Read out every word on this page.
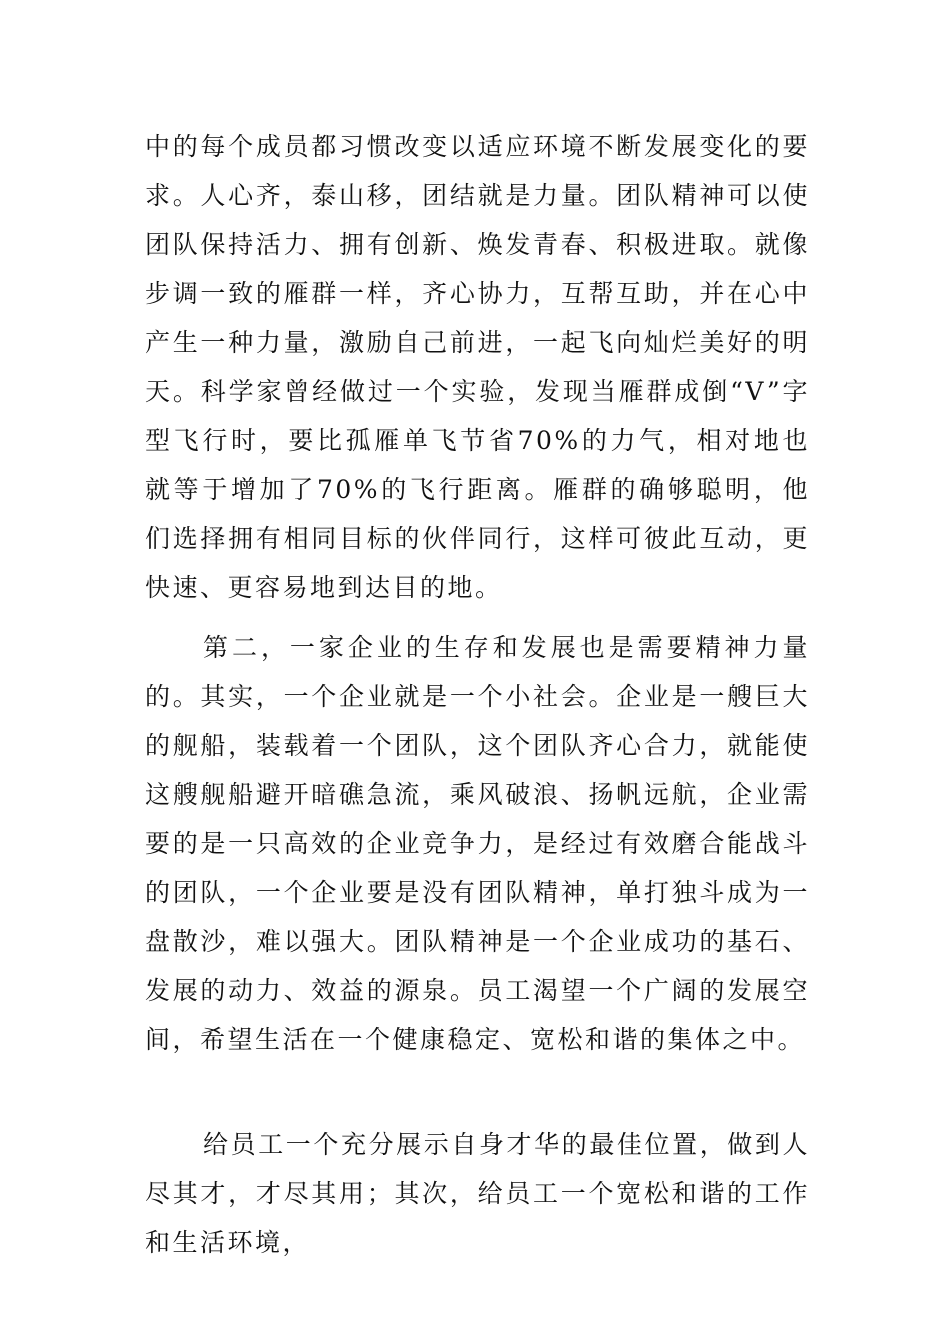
中的每个成员都习惯改变以适应环境不断发展变化的要求。人心齐，泰山移，团结就是力量。团队精神可以使团队保持活力、拥有创新、焕发青春、积极进取。就像步调一致的雁群一样，齐心协力，互帮互助，并在心中产生一种力量，激励自己前进，一起飞向灿烂美好的明天。科学家曾经做过一个实验，发现当雁群成倒“V”字型飞行时，要比孤雁单飞节省70%的力气，相对地也就等于增加了70%的飞行距离。雁群的确够聪明，他们选择拥有相同目标的伙伴同行，这样可彼此互动，更快速、更容易地到达目的地。

第二，一家企业的生存和发展也是需要精神力量的。其实，一个企业就是一个小社会。企业是一艘巨大的舰船，装载着一个团队，这个团队齐心合力，就能使这艘舰船避开暗礁急流，乘风破浪、扬帆远航，企业需要的是一只高效的企业竞争力，是经过有效磨合能战斗的团队，一个企业要是没有团队精神，单打独斗成为一盘散沙，难以强大。团队精神是一个企业成功的基石、发展的动力、效益的源泉。员工渴望一个广阔的发展空间，希望生活在一个健康稳定、宽松和谐的集体之中。

给员工一个充分展示自身才华的最佳位置，做到人尽其才，才尽其用；其次，给员工一个宽松和谐的工作和生活环境，
